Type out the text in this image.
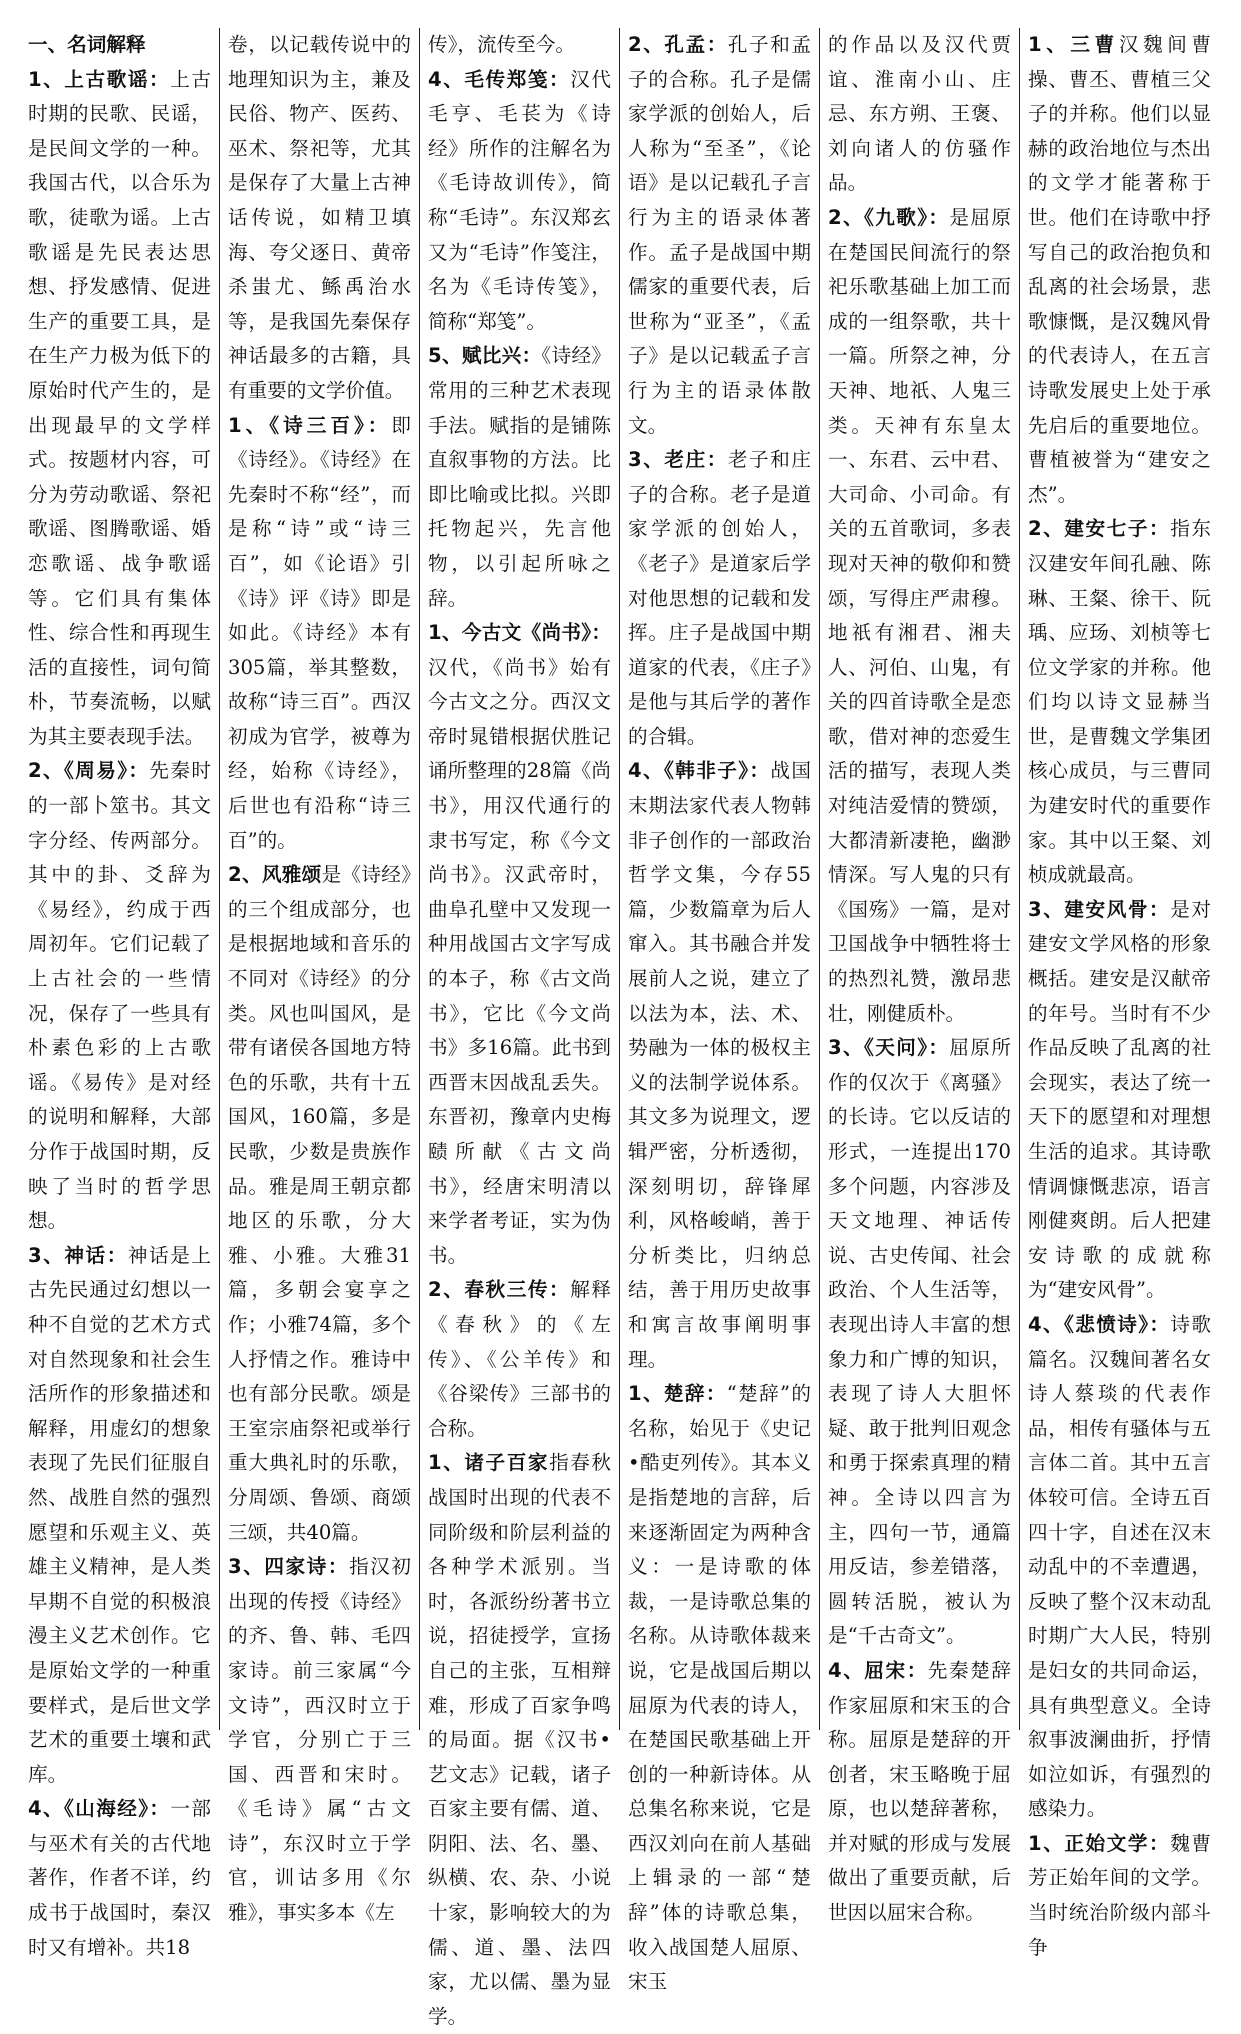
一、名词解释

1、上古歌谣：上古时期的民歌、民谣，是民间文学的一种。我国古代，以合乐为歌，徒歌为谣。上古歌谣是先民表达思想、抒发感情、促进生产的重要工具，是在生产力极为低下的原始时代产生的，是出现最早的文学样式。按题材内容，可分为劳动歌谣、祭祀歌谣、图腾歌谣、婚恋歌谣、战争歌谣等。它们具有集体性、综合性和再现生活的直接性，词句简朴，节奏流畅，以赋为其主要表现手法。

2、《周易》：先秦时的一部卜筮书。其文字分经、传两部分。其中的卦、爻辞为《易经》，约成于西周初年。它们记载了上古社会的一些情况，保存了一些具有朴素色彩的上古歌谣。《易传》是对经的说明和解释，大部分作于战国时期，反映了当时的哲学思想。

3、神话：神话是上古先民通过幻想以一种不自觉的艺术方式对自然现象和社会生活所作的形象描述和解释，用虚幻的想象表现了先民们征服自然、战胜自然的强烈愿望和乐观主义、英雄主义精神，是人类早期不自觉的积极浪漫主义艺术创作。它是原始文学的一种重要样式，是后世文学艺术的重要土壤和武库。

4、《山海经》：一部与巫术有关的古代地著作，作者不详，约成书于战国时，秦汉时又有增补。共18

卷，以记载传说中的地理知识为主，兼及民俗、物产、医药、巫术、祭祀等，尤其是保存了大量上古神话传说，如精卫填海、夸父逐日、黄帝杀蚩尤、鲧禹治水等，是我国先秦保存神话最多的古籍，具有重要的文学价值。

1、《诗三百》：即《诗经》。《诗经》在先秦时不称“经”，而是称“诗”或“诗三百”，如《论语》引《诗》评《诗》即是如此。《诗经》本有305篇，举其整数，故称“诗三百”。西汉初成为官学，被尊为经，始称《诗经》，后世也有沿称“诗三百”的。

2、风雅颂是《诗经》的三个组成部分，也是根据地域和音乐的不同对《诗经》的分类。风也叫国风，是带有诸侯各国地方特色的乐歌，共有十五国风，160篇，多是民歌，少数是贵族作品。雅是周王朝京都地区的乐歌，分大雅、小雅。大雅31篇，多朝会宴享之作；小雅74篇，多个人抒情之作。雅诗中也有部分民歌。颂是王室宗庙祭祀或举行重大典礼时的乐歌，分周颂、鲁颂、商颂三颂，共40篇。

3、四家诗：指汉初出现的传授《诗经》的齐、鲁、韩、毛四家诗。前三家属“今文诗”，西汉时立于学官，分别亡于三国、西晋和宋时。《毛诗》属“古文诗”，东汉时立于学官，训诂多用《尔雅》，事实多本《左

传》，流传至今。

4、毛传郑笺：汉代毛亨、毛苌为《诗经》所作的注解名为《毛诗故训传》，简称“毛诗”。东汉郑玄又为“毛诗”作笺注，名为《毛诗传笺》，简称“郑笺”。

5、赋比兴：《诗经》常用的三种艺术表现手法。赋指的是铺陈直叙事物的方法。比即比喻或比拟。兴即托物起兴，先言他物，以引起所咏之辞。

1、今古文《尚书》：汉代，《尚书》始有今古文之分。西汉文帝时晁错根据伏胜记诵所整理的28篇《尚书》，用汉代通行的隶书写定，称《今文尚书》。汉武帝时，曲阜孔壁中又发现一种用战国古文字写成的本子，称《古文尚书》，它比《今文尚书》多16篇。此书到西晋末因战乱丢失。东晋初，豫章内史梅赜所献《古文尚书》，经唐宋明清以来学者考证，实为伪书。

2、春秋三传：解释《春秋》的《左传》、《公羊传》和《谷梁传》三部书的合称。

1、诸子百家指春秋战国时出现的代表不同阶级和阶层利益的各种学术派别。当时，各派纷纷著书立说，招徒授学，宣扬自己的主张，互相辩难，形成了百家争鸣的局面。据《汉书•艺文志》记载，诸子百家主要有儒、道、阴阳、法、名、墨、纵横、农、杂、小说十家，影响较大的为儒、道、墨、法四家，尤以儒、墨为显学。

2、孔孟：孔子和孟子的合称。孔子是儒家学派的创始人，后人称为“至圣”，《论语》是以记载孔子言行为主的语录体著作。孟子是战国中期儒家的重要代表，后世称为“亚圣”，《孟子》是以记载孟子言行为主的语录体散文。

3、老庄：老子和庄子的合称。老子是道家学派的创始人，《老子》是道家后学对他思想的记载和发挥。庄子是战国中期道家的代表，《庄子》是他与其后学的著作的合辑。

4、《韩非子》：战国末期法家代表人物韩非子创作的一部政治哲学文集，今存55篇，少数篇章为后人窜入。其书融合并发展前人之说，建立了以法为本，法、术、势融为一体的极权主义的法制学说体系。其文多为说理文，逻辑严密，分析透彻，深刻明切，辞锋犀利，风格峻峭，善于分析类比，归纳总结，善于用历史故事和寓言故事阐明事理。

1、楚辞：“楚辞”的名称，始见于《史记•酷吏列传》。其本义是指楚地的言辞，后来逐渐固定为两种含义：一是诗歌的体裁，一是诗歌总集的名称。从诗歌体裁来说，它是战国后期以屈原为代表的诗人，在楚国民歌基础上开创的一种新诗体。从总集名称来说，它是西汉刘向在前人基础上辑录的一部“楚辞”体的诗歌总集，收入战国楚人屈原、宋玉

的作品以及汉代贾谊、淮南小山、庄忌、东方朔、王褒、刘向诸人的仿骚作品。

2、《九歌》：是屈原在楚国民间流行的祭祀乐歌基础上加工而成的一组祭歌，共十一篇。所祭之神，分天神、地祇、人鬼三类。天神有东皇太一、东君、云中君、大司命、小司命。有关的五首歌词，多表现对天神的敬仰和赞颂，写得庄严肃穆。地祇有湘君、湘夫人、河伯、山鬼，有关的四首诗歌全是恋歌，借对神的恋爱生活的描写，表现人类对纯洁爱情的赞颂，大都清新凄艳，幽渺情深。写人鬼的只有《国殇》一篇，是对卫国战争中牺牲将士的热烈礼赞，激昂悲壮，刚健质朴。

3、《天问》：屈原所作的仅次于《离骚》的长诗。它以反诘的形式，一连提出170多个问题，内容涉及天文地理、神话传说、古史传闻、社会政治、个人生活等，表现出诗人丰富的想象力和广博的知识，表现了诗人大胆怀疑、敢于批判旧观念和勇于探索真理的精神。全诗以四言为主，四句一节，通篇用反诘，参差错落，圆转活脱，被认为是“千古奇文”。

4、屈宋：先秦楚辞作家屈原和宋玉的合称。屈原是楚辞的开创者，宋玉略晚于屈原，也以楚辞著称，并对赋的形成与发展做出了重要贡献，后世因以屈宋合称。

1、三曹汉魏间曹操、曹丕、曹植三父子的并称。他们以显赫的政治地位与杰出的文学才能著称于世。他们在诗歌中抒写自己的政治抱负和乱离的社会场景，悲歌慷慨，是汉魏风骨的代表诗人，在五言诗歌发展史上处于承先启后的重要地位。曹植被誉为“建安之杰”。

2、建安七子：指东汉建安年间孔融、陈琳、王粲、徐干、阮瑀、应玚、刘桢等七位文学家的并称。他们均以诗文显赫当世，是曹魏文学集团核心成员，与三曹同为建安时代的重要作家。其中以王粲、刘桢成就最高。

3、建安风骨：是对建安文学风格的形象概括。建安是汉献帝的年号。当时有不少作品反映了乱离的社会现实，表达了统一天下的愿望和对理想生活的追求。其诗歌情调慷慨悲凉，语言刚健爽朗。后人把建安诗歌的成就称为“建安风骨”。

4、《悲愤诗》：诗歌篇名。汉魏间著名女诗人蔡琰的代表作品，相传有骚体与五言体二首。其中五言体较可信。全诗五百四十字，自述在汉末动乱中的不幸遭遇，反映了整个汉末动乱时期广大人民，特别是妇女的共同命运，具有典型意义。全诗叙事波澜曲折，抒情如泣如诉，有强烈的感染力。

1、正始文学：魏曹芳正始年间的文学。当时统治阶级内部斗争
